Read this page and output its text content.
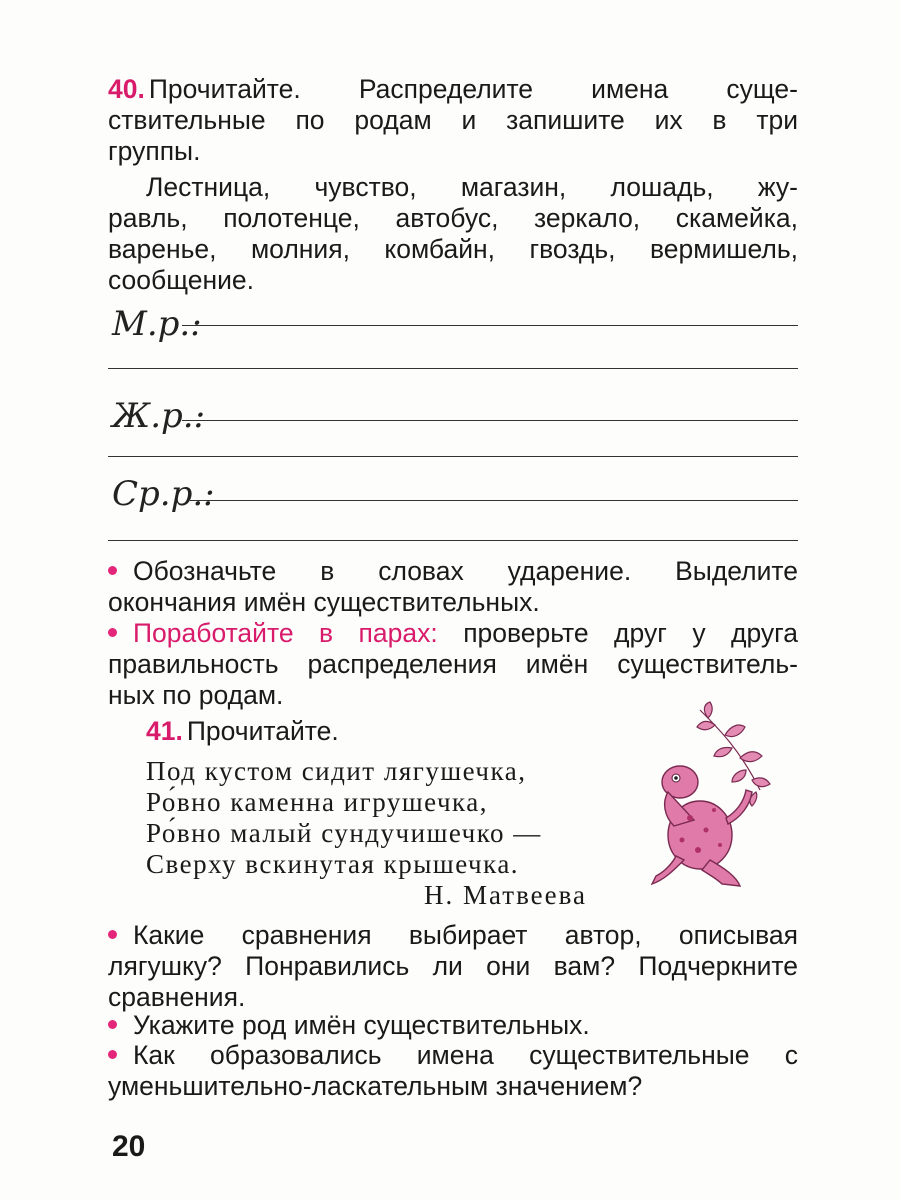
40. Прочитайте. Распределите имена суще-
ствительные по родам и запишите их в три
группы.
Лестница, чувство, магазин, лошадь, жу-
равль, полотенце, автобус, зеркало, скамейка,
варенье, молния, комбайн, гвоздь, вермишель,
сообщение.
М.р.:
Ж.р.:
Ср.р.:
Обозначьте в словах ударение. Выделите
окончания имён существительных.
Поработайте в парах: проверьте друг у друга
правильность распределения имён существитель-
ных по родам.
41. Прочитайте.
Под кустом сидит лягушечка,
Ро́вно каменна игрушечка,
Ро́вно малый сундучишечко —
Сверху вскинутая крышечка.
Н. Матвеева
Какие сравнения выбирает автор, описывая
лягушку? Понравились ли они вам? Подчеркните
сравнения.
Укажите род имён существительных.
Как образовались имена существительные с
уменьшительно-ласкательным значением?
20
